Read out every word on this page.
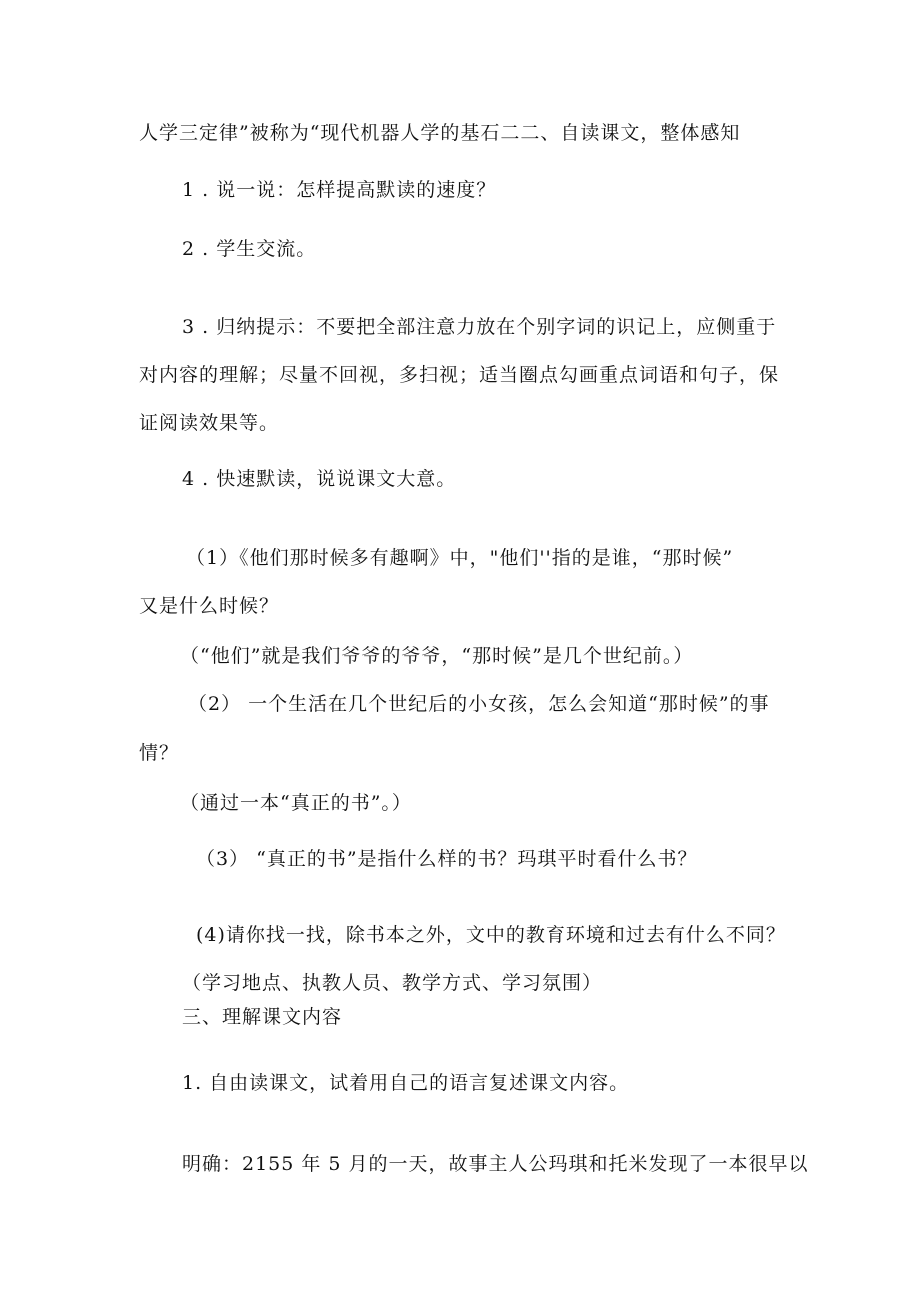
人学三定律”被称为“现代机器人学的基石二二、自读课文，整体感知
1 . 说一说：怎样提高默读的速度？
2 . 学生交流。
3 . 归纳提示：不要把全部注意力放在个别字词的识记上，应侧重于
对内容的理解；尽量不回视，多扫视；适当圈点勾画重点词语和句子，保
证阅读效果等。
4 . 快速默读，说说课文大意。
（1）《他们那时候多有趣啊》中，"他们''指的是谁，“那时候”
又是什么时候？
（“他们”就是我们爷爷的爷爷，“那时候”是几个世纪前。）
（2） 一个生活在几个世纪后的小女孩，怎么会知道“那时候”的事
情？
（通过一本“真正的书”。）
（3） “真正的书”是指什么样的书？玛琪平时看什么书？
(4)请你找一找，除书本之外，文中的教育环境和过去有什么不同？
（学习地点、执教人员、教学方式、学习氛围）
三、理解课文内容
1. 自由读课文，试着用自己的语言复述课文内容。
明确：2155 年 5 月的一天，故事主人公玛琪和托米发现了一本很早以
